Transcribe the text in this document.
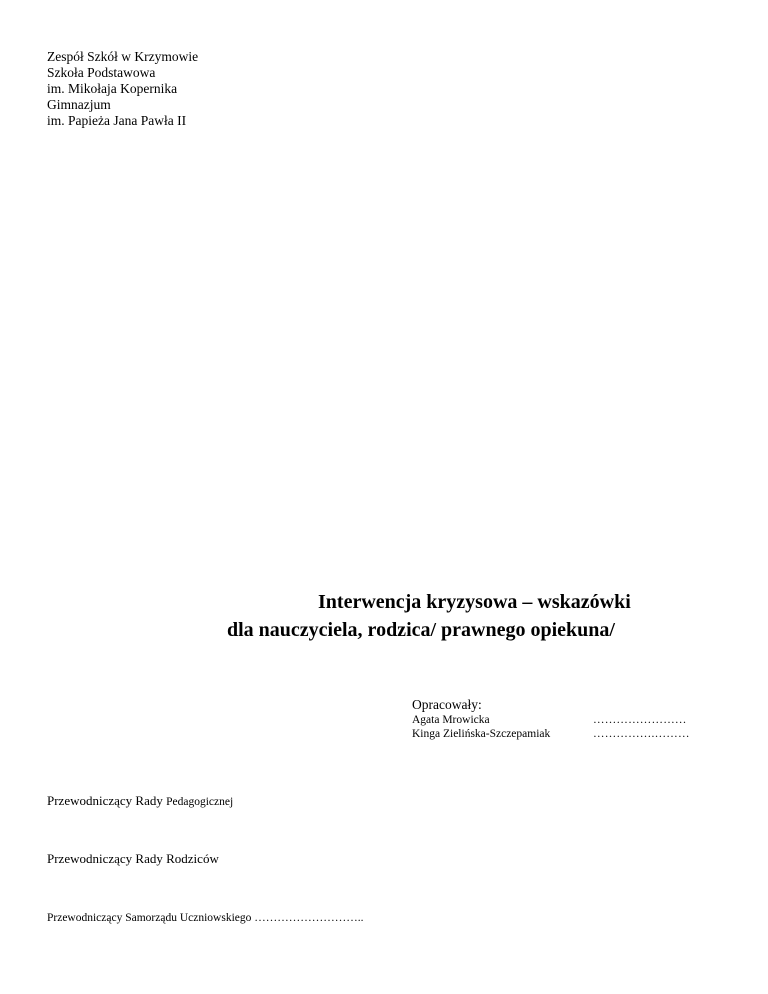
Zespół Szkół w Krzymowie
Szkoła Podstawowa
im. Mikołaja Kopernika
Gimnazjum
im. Papieża Jana Pawła II
Interwencja kryzysowa – wskazówki
dla nauczyciela, rodzica/ prawnego opiekuna/
Opracowały:
Agata Mrowicka	……………………
Kinga Zielińska-Szczepamiak	…………….………
Przewodniczący Rady Pedagogicznej
Przewodniczący Rady Rodziców
Przewodniczący Samorządu Uczniowskiego ………………………..
